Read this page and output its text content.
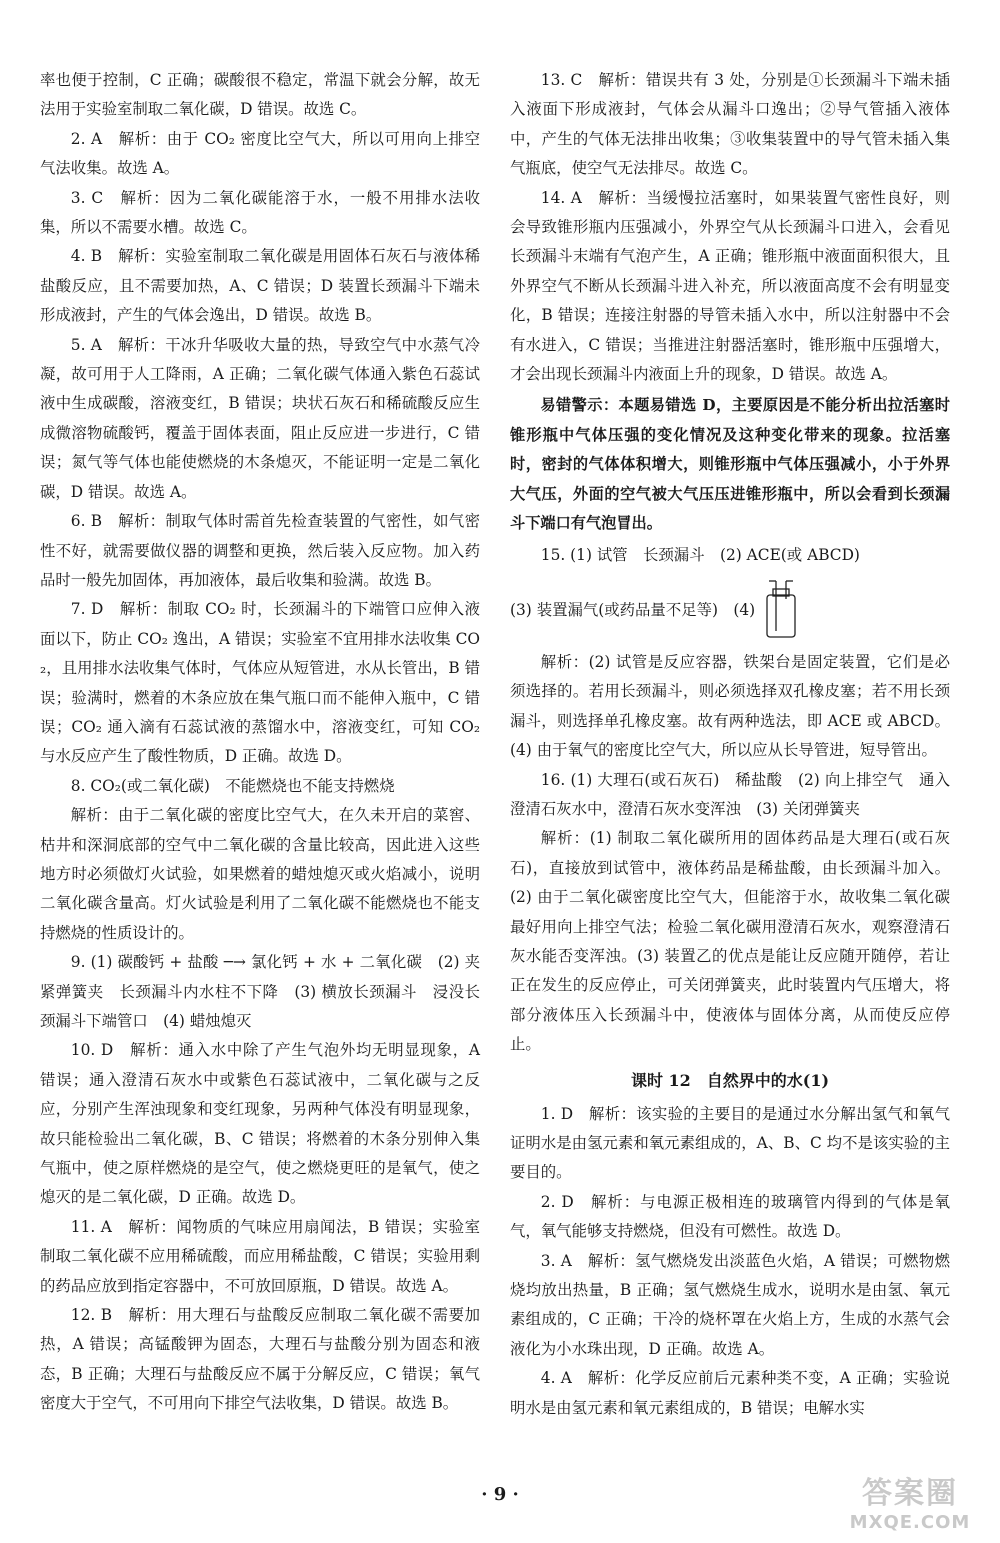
率也便于控制，C 正确；碳酸很不稳定，常温下就会分解，故无法用于实验室制取二氧化碳，D 错误。故选 C。

2. A　解析：由于 CO₂ 密度比空气大，所以可用向上排空气法收集。故选 A。

3. C　解析：因为二氧化碳能溶于水，一般不用排水法收集，所以不需要水槽。故选 C。

4. B　解析：实验室制取二氧化碳是用固体石灰石与液体稀盐酸反应，且不需要加热，A、C 错误；D 装置长颈漏斗下端未形成液封，产生的气体会逸出，D 错误。故选 B。

5. A　解析：干冰升华吸收大量的热，导致空气中水蒸气冷凝，故可用于人工降雨，A 正确；二氧化碳气体通入紫色石蕊试液中生成碳酸，溶液变红，B 错误；块状石灰石和稀硫酸反应生成微溶物硫酸钙，覆盖于固体表面，阻止反应进一步进行，C 错误；氮气等气体也能使燃烧的木条熄灭，不能证明一定是二氧化碳，D 错误。故选 A。

6. B　解析：制取气体时需首先检查装置的气密性，如气密性不好，就需要做仪器的调整和更换，然后装入反应物。加入药品时一般先加固体，再加液体，最后收集和验满。故选 B。

7. D　解析：制取 CO₂ 时，长颈漏斗的下端管口应伸入液面以下，防止 CO₂ 逸出，A 错误；实验室不宜用排水法收集 CO₂，且用排水法收集气体时，气体应从短管进，水从长管出，B 错误；验满时，燃着的木条应放在集气瓶口而不能伸入瓶中，C 错误；CO₂ 通入滴有石蕊试液的蒸馏水中，溶液变红，可知 CO₂ 与水反应产生了酸性物质，D 正确。故选 D。

8. CO₂(或二氧化碳)　不能燃烧也不能支持燃烧

解析：由于二氧化碳的密度比空气大，在久未开启的菜窖、枯井和深洞底部的空气中二氧化碳的含量比较高，因此进入这些地方时必须做灯火试验，如果燃着的蜡烛熄灭或火焰减小，说明二氧化碳含量高。灯火试验是利用了二氧化碳不能燃烧也不能支持燃烧的性质设计的。

9. (1) 碳酸钙 + 盐酸 ─→ 氯化钙 + 水 + 二氧化碳　(2) 夹紧弹簧夹　长颈漏斗内水柱不下降　(3) 横放长颈漏斗　浸没长颈漏斗下端管口　(4) 蜡烛熄灭

10. D　解析：通入水中除了产生气泡外均无明显现象，A 错误；通入澄清石灰水中或紫色石蕊试液中，二氧化碳与之反应，分别产生浑浊现象和变红现象，另两种气体没有明显现象，故只能检验出二氧化碳，B、C 错误；将燃着的木条分别伸入集气瓶中，使之原样燃烧的是空气，使之燃烧更旺的是氧气，使之熄灭的是二氧化碳，D 正确。故选 D。

11. A　解析：闻物质的气味应用扇闻法，B 错误；实验室制取二氧化碳不应用稀硫酸，而应用稀盐酸，C 错误；实验用剩的药品应放到指定容器中，不可放回原瓶，D 错误。故选 A。

12. B　解析：用大理石与盐酸反应制取二氧化碳不需要加热，A 错误；高锰酸钾为固态，大理石与盐酸分别为固态和液态，B 正确；大理石与盐酸反应不属于分解反应，C 错误；氧气密度大于空气，不可用向下排空气法收集，D 错误。故选 B。

13. C　解析：错误共有 3 处，分别是①长颈漏斗下端未插入液面下形成液封，气体会从漏斗口逸出；②导气管插入液体中，产生的气体无法排出收集；③收集装置中的导气管未插入集气瓶底，使空气无法排尽。故选 C。

14. A　解析：当缓慢拉活塞时，如果装置气密性良好，则会导致锥形瓶内压强减小，外界空气从长颈漏斗口进入，会看见长颈漏斗末端有气泡产生，A 正确；锥形瓶中液面面积很大，且外界空气不断从长颈漏斗进入补充，所以液面高度不会有明显变化，B 错误；连接注射器的导管未插入水中，所以注射器中不会有水进入，C 错误；当推进注射器活塞时，锥形瓶中压强增大，才会出现长颈漏斗内液面上升的现象，D 错误。故选 A。

易错警示：本题易错选 D，主要原因是不能分析出拉活塞时锥形瓶中气体压强的变化情况及这种变化带来的现象。拉活塞时，密封的气体体积增大，则锥形瓶中气体压强减小，小于外界大气压，外面的空气被大气压压进锥形瓶中，所以会看到长颈漏斗下端口有气泡冒出。

15. (1) 试管　长颈漏斗　(2) ACE(或 ABCD)

(3) 装置漏气(或药品量不足等)　(4)

解析：(2) 试管是反应容器，铁架台是固定装置，它们是必须选择的。若用长颈漏斗，则必须选择双孔橡皮塞；若不用长颈漏斗，则选择单孔橡皮塞。故有两种选法，即 ACE 或 ABCD。(4) 由于氧气的密度比空气大，所以应从长导管进，短导管出。

16. (1) 大理石(或石灰石)　稀盐酸　(2) 向上排空气　通入澄清石灰水中，澄清石灰水变浑浊　(3) 关闭弹簧夹

解析：(1) 制取二氧化碳所用的固体药品是大理石(或石灰石)，直接放到试管中，液体药品是稀盐酸，由长颈漏斗加入。(2) 由于二氧化碳密度比空气大，但能溶于水，故收集二氧化碳最好用向上排空气法；检验二氧化碳用澄清石灰水，观察澄清石灰水能否变浑浊。(3) 装置乙的优点是能让反应随开随停，若让正在发生的反应停止，可关闭弹簧夹，此时装置内气压增大，将部分液体压入长颈漏斗中，使液体与固体分离，从而使反应停止。

课时 12　自然界中的水(1)

1. D　解析：该实验的主要目的是通过水分解出氢气和氧气证明水是由氢元素和氧元素组成的，A、B、C 均不是该实验的主要目的。

2. D　解析：与电源正极相连的玻璃管内得到的气体是氧气，氧气能够支持燃烧，但没有可燃性。故选 D。

3. A　解析：氢气燃烧发出淡蓝色火焰，A 错误；可燃物燃烧均放出热量，B 正确；氢气燃烧生成水，说明水是由氢、氧元素组成的，C 正确；干冷的烧杯罩在火焰上方，生成的水蒸气会液化为小水珠出现，D 正确。故选 A。

4. A　解析：化学反应前后元素种类不变，A 正确；实验说明水是由氢元素和氧元素组成的，B 错误；电解水实

· 9 ·	答案圈
MXQE.COM
